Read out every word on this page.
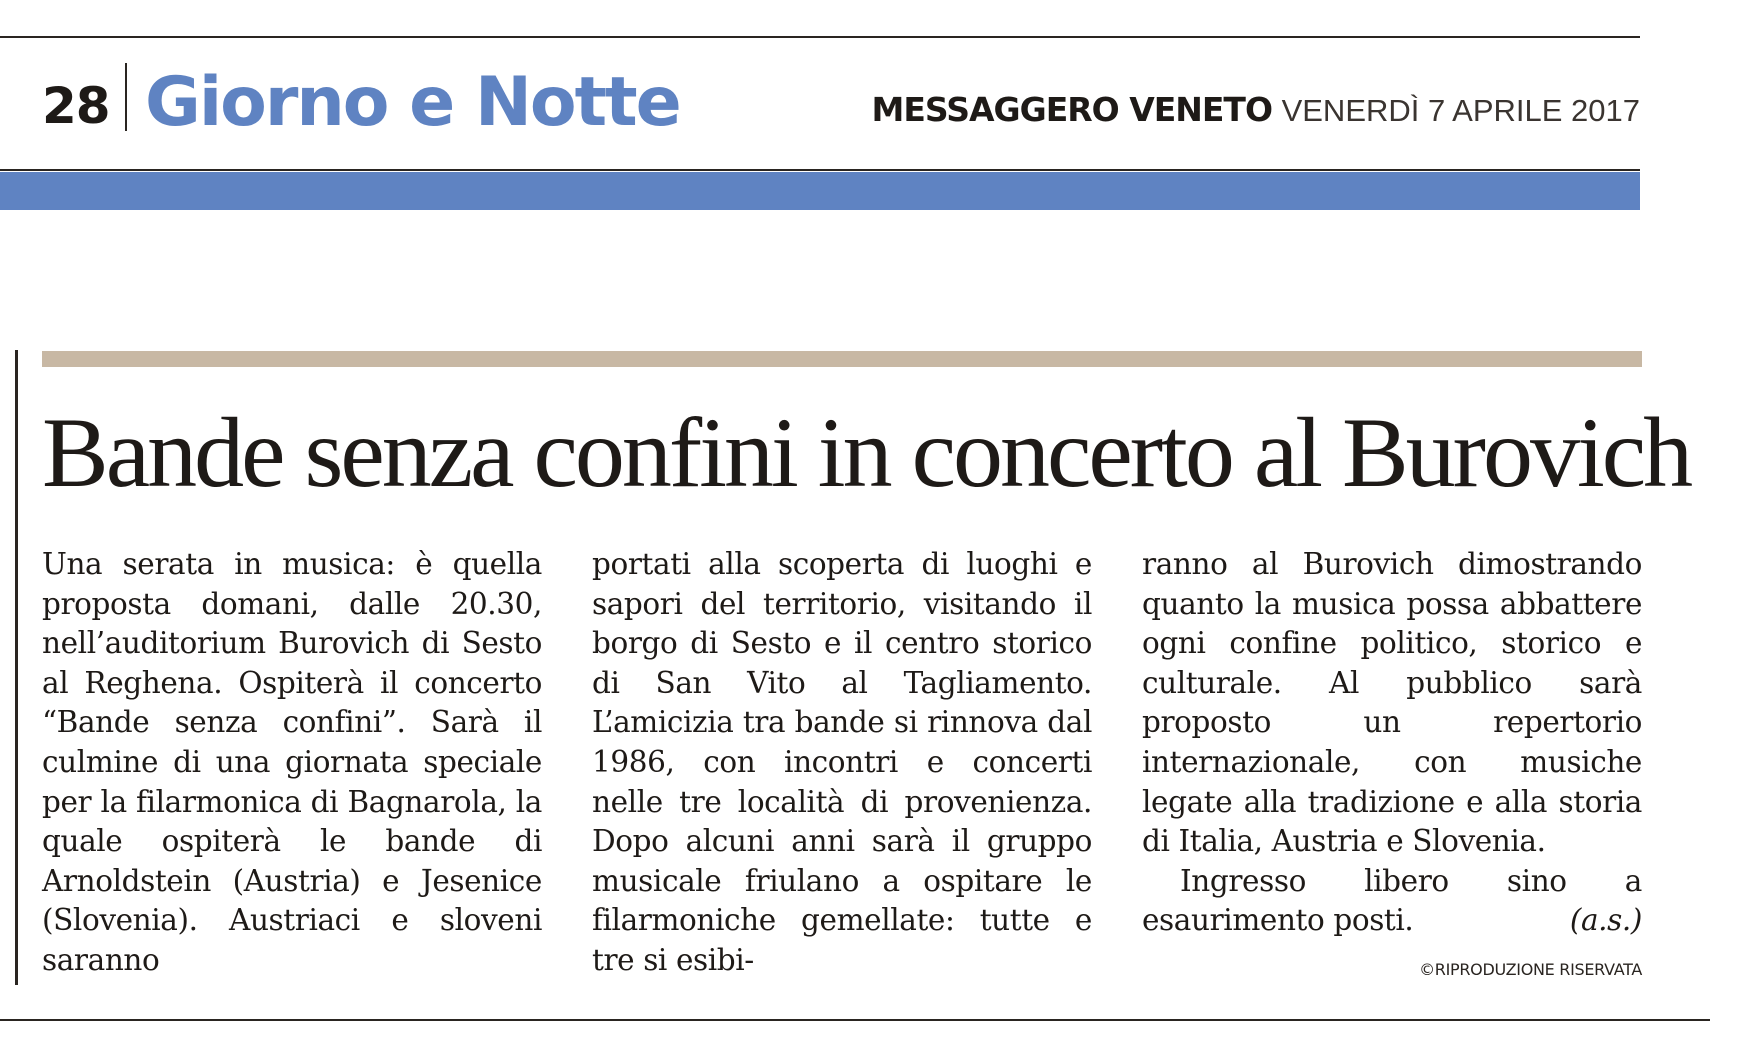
28 Giorno e Notte	MESSAGGERO VENETO VENERDÌ 7 APRILE 2017
Bande senza confini in concerto al Burovich

Una serata in musica: è quella proposta domani, dalle 20.30, nell’auditorium Burovich di Sesto al Reghena. Ospiterà il concerto “Bande senza confini”. Sarà il culmine di una giornata speciale per la filarmonica di Bagnarola, la quale ospiterà le bande di Arnoldstein (Austria) e Jesenice (Slovenia). Austriaci e sloveni saranno

portati alla scoperta di luoghi e sapori del territorio, visitando il borgo di Sesto e il centro storico di San Vito al Tagliamento. L’amicizia tra bande si rinnova dal 1986, con incontri e concerti nelle tre località di provenienza. Dopo alcuni anni sarà il gruppo musicale friulano a ospitare le filarmoniche gemellate: tutte e tre si esibi-

ranno al Burovich dimostrando quanto la musica possa abbattere ogni confine politico, storico e culturale. Al pubblico sarà proposto un repertorio internazionale, con musiche legate alla tradizione e alla storia di Italia, Austria e Slovenia.

Ingresso libero sino a esaurimento posti.	(a.s.)

©RIPRODUZIONE RISERVATA
